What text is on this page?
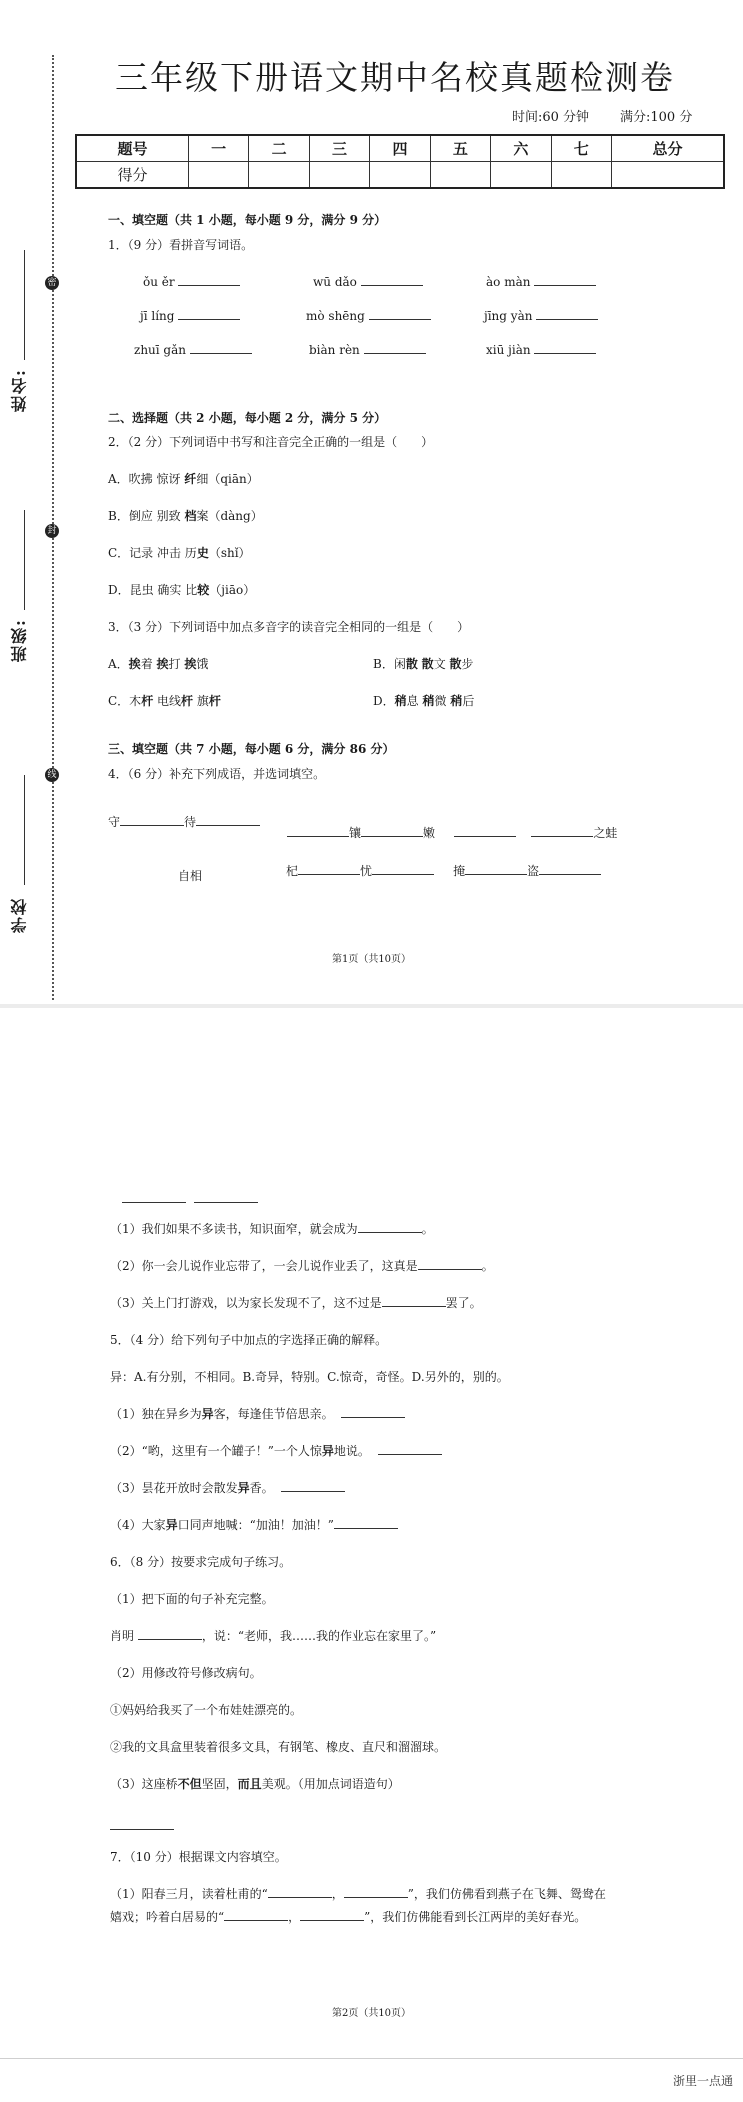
姓名:
密
班级:
封
学校
线
三年级下册语文期中名校真题检测卷
时间:60 分钟 满分:100 分
题号	一	二	三	四	五	六	七	总分
得分								
一、填空题（共 1 小题，每小题 9 分，满分 9 分）
1．（9 分）看拼音写词语。
ǒu ěr	wū dǎo	ào màn
jī líng	mò shēng	jīng yàn
zhuī gǎn	biàn rèn	xiū jiàn
二、选择题（共 2 小题，每小题 2 分，满分 5 分）
2．（2 分）下列词语中书写和注音完全正确的一组是（　　）
A．吹拂 惊讶 纤细（qiān）
B．倒应 别致 档案（dàng）
C．记录 冲击 历史（shǐ）
D．昆虫 确实 比较（jiāo）
3．（3 分）下列词语中加点多音字的读音完全相同的一组是（　　）
A．挨着 挨打 挨饿	B．闲散 散文 散步
C．木杆 电线杆 旗杆	D．稍息 稍微 稍后
三、填空题（共 7 小题，每小题 6 分，满分 86 分）
4．（6 分）补充下列成语，并选词填空。
守	待
镶	嫩	之蛙
自相	杞	忧	掩	盗
第1页（共10页）

（1）我们如果不多读书，知识面窄，就会成为	。
（2）你一会儿说作业忘带了，一会儿说作业丢了，这真是	。
（3）关上门打游戏，以为家长发现不了，这不过是	罢了。
5．（4 分）给下列句子中加点的字选择正确的解释。
异：A.有分别，不相同。B.奇异，特别。C.惊奇，奇怪。D.另外的，别的。
（1）独在异乡为异客，每逢佳节倍思亲。
（2）“哟，这里有一个罐子！”一个人惊异地说。
（3）昙花开放时会散发异香。
（4）大家异口同声地喊：“加油！加油！”
6．（8 分）按要求完成句子练习。
（1）把下面的句子补充完整。
肖明	，说：“老师，我……我的作业忘在家里了。”
（2）用修改符号修改病句。
①妈妈给我买了一个布娃娃漂亮的。
②我的文具盒里装着很多文具，有钢笔、橡皮、直尺和溜溜球。
（3）这座桥不但坚固，而且美观。（用加点词语造句）
7．（10 分）根据课文内容填空。
（1）阳春三月，读着杜甫的“	，	”，我们仿佛看到燕子在飞舞、鸳鸯在
嬉戏；吟着白居易的“	，	”，我们仿佛能看到长江两岸的美好春光。
第2页（共10页）
浙里一点通
